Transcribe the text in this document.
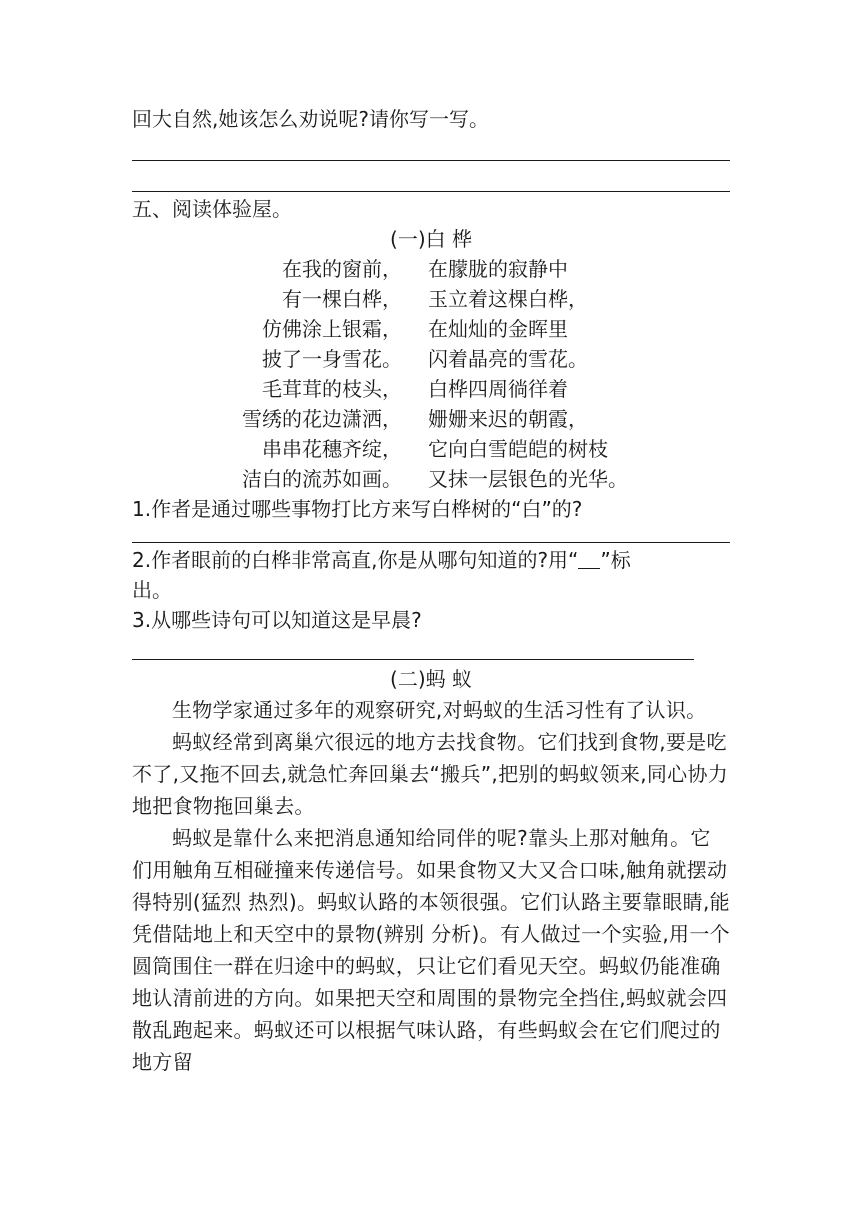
回大自然,她该怎么劝说呢?请你写一写。
五、阅读体验屋。
(一)白 桦
在我的窗前， 在朦胧的寂静中
有一棵白桦， 玉立着这棵白桦，
仿佛涂上银霜， 在灿灿的金晖里
披了一身雪花。 闪着晶亮的雪花。
毛茸茸的枝头， 白桦四周徜徉着
雪绣的花边潇洒， 姗姗来迟的朝霞，
串串花穗齐绽， 它向白雪皑皑的树枝
洁白的流苏如画。 又抹一层银色的光华。
1.作者是通过哪些事物打比方来写白桦树的“白”的?
2.作者眼前的白桦非常高直,你是从哪句知道的?用“ ”标
出。
3.从哪些诗句可以知道这是早晨?
(二)蚂 蚁
生物学家通过多年的观察研究,对蚂蚁的生活习性有了认识。
蚂蚁经常到离巢穴很远的地方去找食物。它们找到食物,要是吃不了,又拖不回去,就急忙奔回巢去“搬兵”,把别的蚂蚁领来,同心协力地把食物拖回巢去。
蚂蚁是靠什么来把消息通知给同伴的呢?靠头上那对触角。它们用触角互相碰撞来传递信号。如果食物又大又合口味,触角就摆动得特别(猛烈 热烈)。蚂蚁认路的本领很强。它们认路主要靠眼睛,能凭借陆地上和天空中的景物(辨别 分析)。有人做过一个实验,用一个圆筒围住一群在归途中的蚂蚁，只让它们看见天空。蚂蚁仍能准确地认清前进的方向。如果把天空和周围的景物完全挡住,蚂蚁就会四散乱跑起来。蚂蚁还可以根据气味认路，有些蚂蚁会在它们爬过的地方留
